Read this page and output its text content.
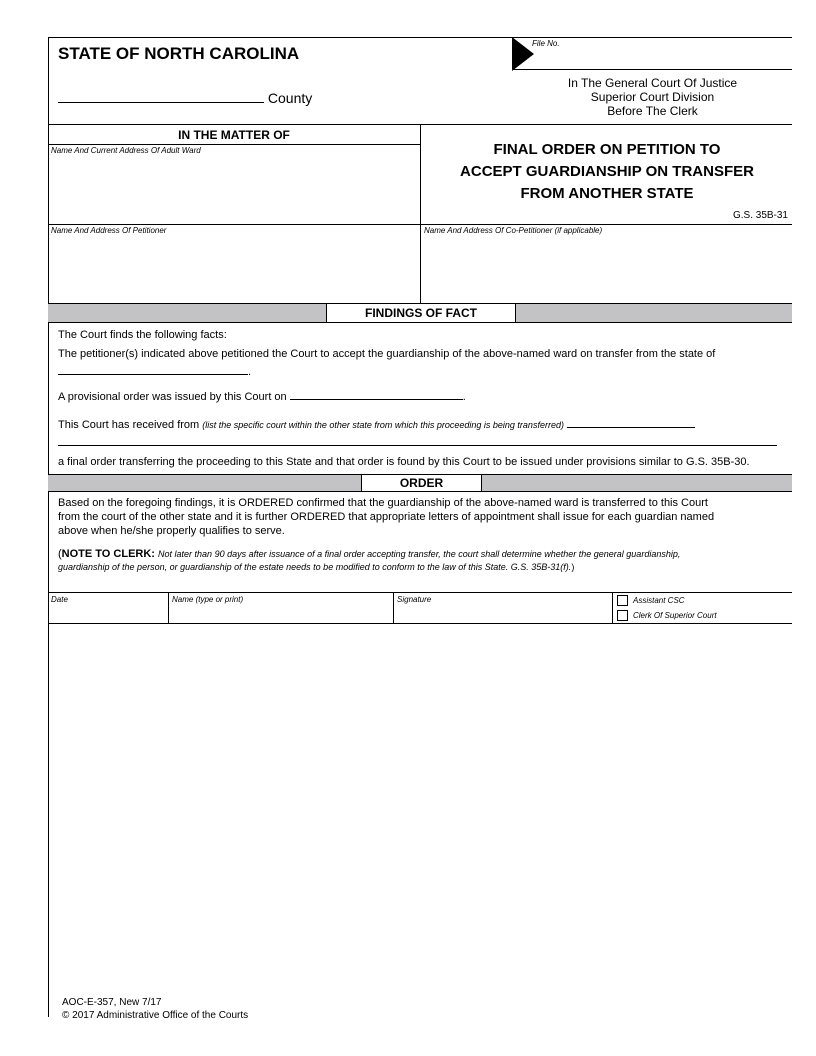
STATE OF NORTH CAROLINA
County
File No.
In The General Court Of Justice
Superior Court Division
Before The Clerk
IN THE MATTER OF
Name And Current Address Of Adult Ward	FINAL ORDER ON PETITION TO
ACCEPT GUARDIANSHIP ON TRANSFER
FROM ANOTHER STATE
G.S. 35B-31
Name And Address Of Petitioner	Name And Address Of Co-Petitioner (if applicable)
FINDINGS OF FACT
The Court finds the following facts:
The petitioner(s) indicated above petitioned the Court to accept the guardianship of the above-named ward on transfer from the state of
.
A provisional order was issued by this Court on	.
This Court has received from (list the specific court within the other state from which this proceeding is being transferred)
a final order transferring the proceeding to this State and that order is found by this Court to be issued under provisions similar to G.S. 35B-30.
ORDER
Based on the foregoing findings, it is ORDERED confirmed that the guardianship of the above-named ward is transferred to this Court
from the court of the other state and it is further ORDERED that appropriate letters of appointment shall issue for each guardian named
above when he/she properly qualifies to serve.
(NOTE TO CLERK: Not later than 90 days after issuance of a final order accepting transfer, the court shall determine whether the general guardianship,
guardianship of the person, or guardianship of the estate needs to be modified to conform to the law of this State. G.S. 35B-31(f).)
Date	Name (type or print)	Signature	Assistant CSC
Clerk Of Superior Court
AOC-E-357, New 7/17
© 2017 Administrative Office of the Courts
